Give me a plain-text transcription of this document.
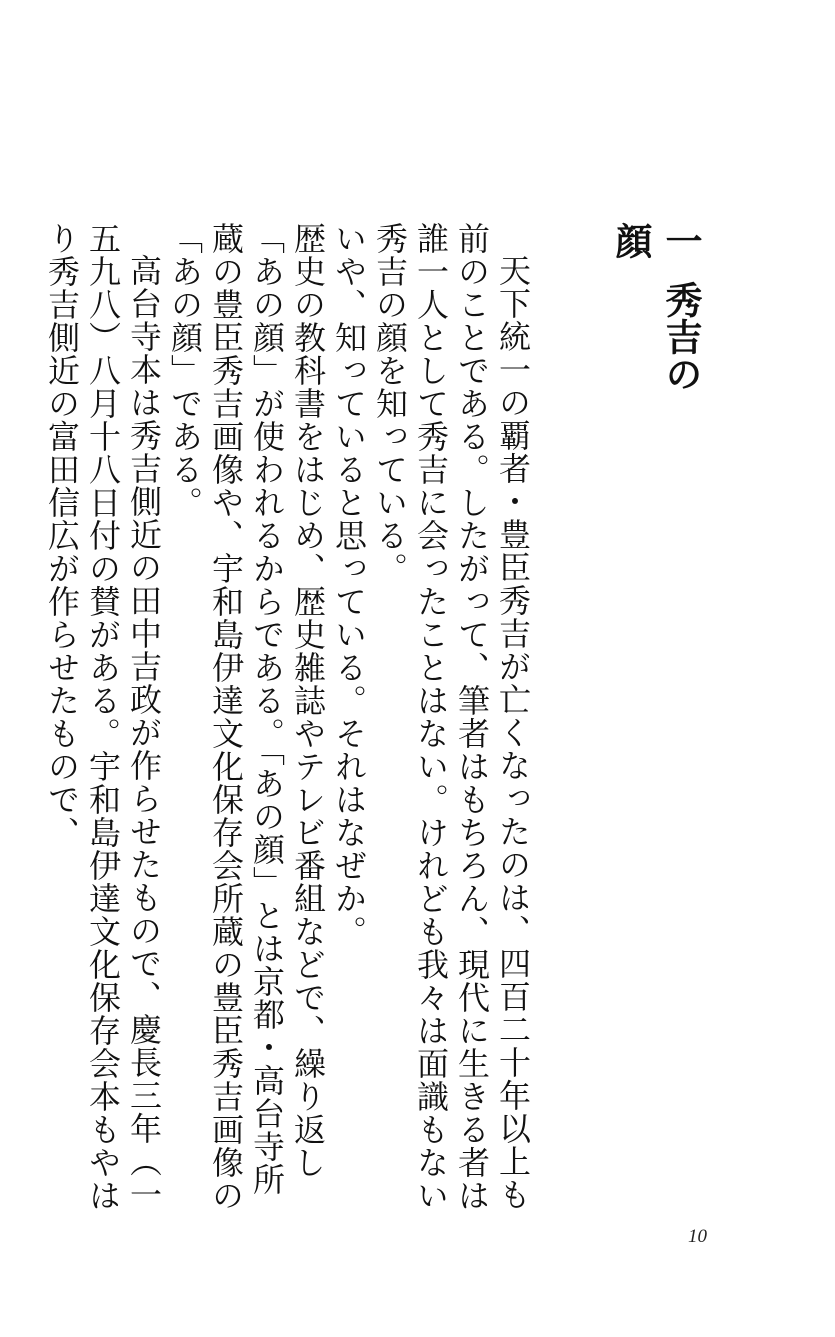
一秀吉の顔

天下統一の覇者・豊臣秀吉が亡くなったのは、四百二十年以上も前のことである。したがって、筆者はもちろん、現代に生きる者は誰一人として秀吉に会ったことはない。けれども我々は面識もない秀吉の顔を知っている。

いや、知っていると思っている。それはなぜか。

歴史の教科書をはじめ、歴史雑誌やテレビ番組などで、繰り返し「あの顔」が使われるからである。「あの顔」とは京都・高台寺所蔵の豊臣秀吉画像や、宇和島伊達文化保存会所蔵の豊臣秀吉画像の「あの顔」である。

高台寺本は秀吉側近の田中吉政が作らせたもので、慶長三年（一五九八）八月十八日付の賛がある。宇和島伊達文化保存会本もやはり秀吉側近の富田信広が作らせたもので、

10
